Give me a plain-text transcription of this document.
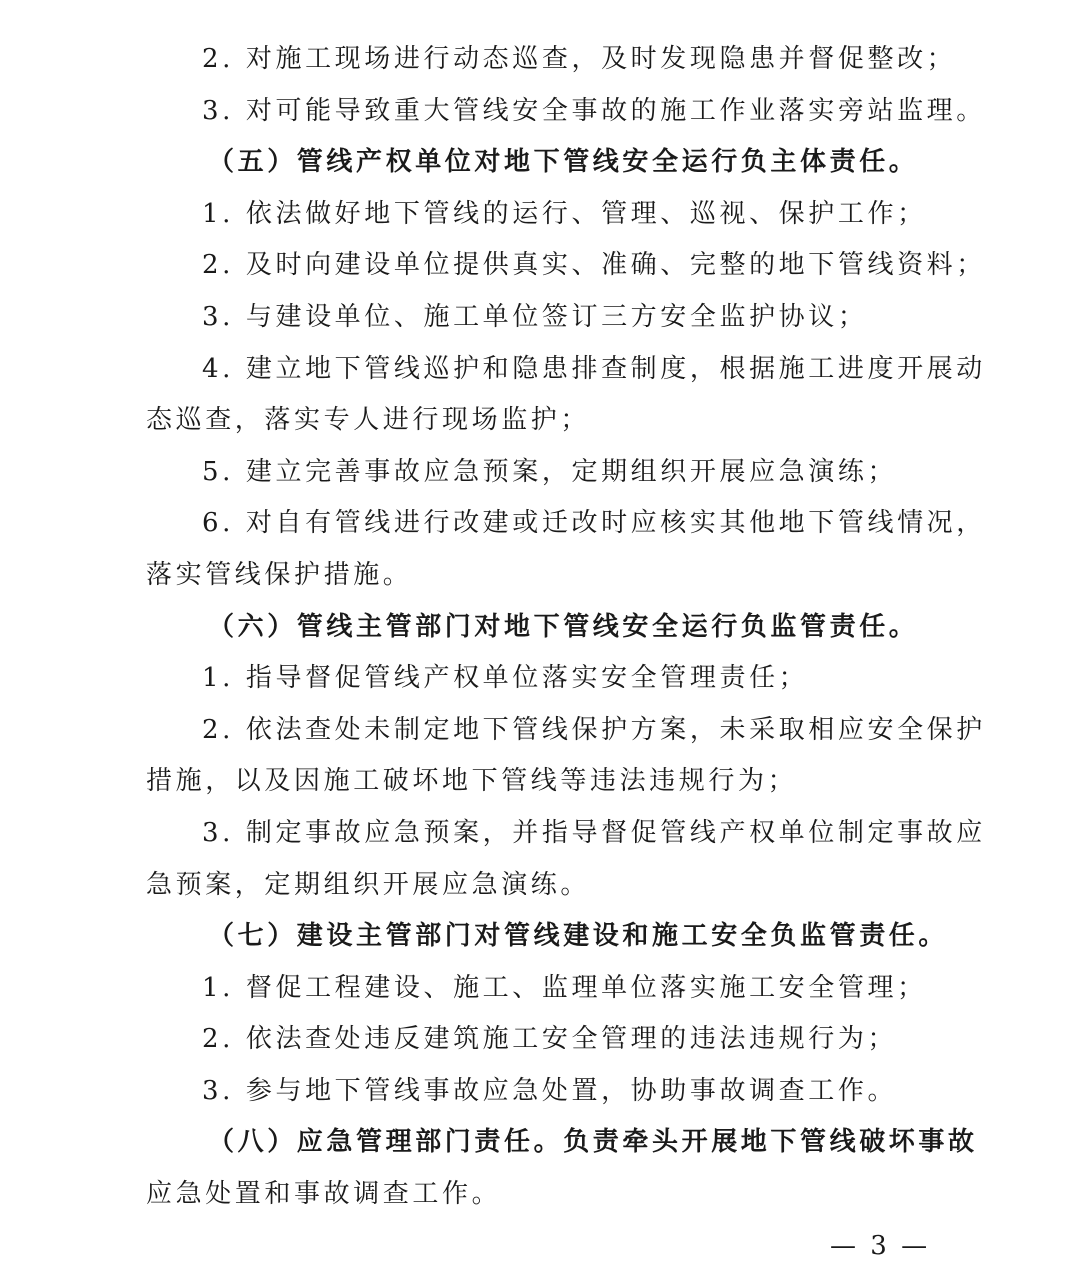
2. 对施工现场进行动态巡查，及时发现隐患并督促整改；

3. 对可能导致重大管线安全事故的施工作业落实旁站监理。

（五）管线产权单位对地下管线安全运行负主体责任。

1. 依法做好地下管线的运行、管理、巡视、保护工作；

2. 及时向建设单位提供真实、准确、完整的地下管线资料；

3. 与建设单位、施工单位签订三方安全监护协议；

4. 建立地下管线巡护和隐患排查制度，根据施工进度开展动

态巡查，落实专人进行现场监护；

5. 建立完善事故应急预案，定期组织开展应急演练；

6. 对自有管线进行改建或迁改时应核实其他地下管线情况，

落实管线保护措施。

（六）管线主管部门对地下管线安全运行负监管责任。

1. 指导督促管线产权单位落实安全管理责任；

2. 依法查处未制定地下管线保护方案，未采取相应安全保护

措施，以及因施工破坏地下管线等违法违规行为；

3. 制定事故应急预案，并指导督促管线产权单位制定事故应

急预案，定期组织开展应急演练。

（七）建设主管部门对管线建设和施工安全负监管责任。

1. 督促工程建设、施工、监理单位落实施工安全管理；

2. 依法查处违反建筑施工安全管理的违法违规行为；

3. 参与地下管线事故应急处置，协助事故调查工作。

（八）应急管理部门责任。负责牵头开展地下管线破坏事故

应急处置和事故调查工作。

— 3 —
